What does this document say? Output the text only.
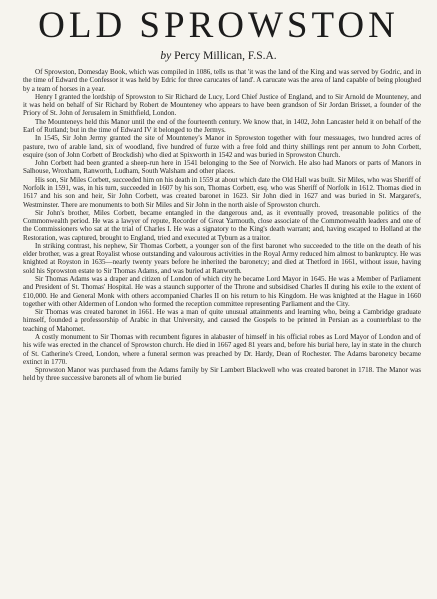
OLD SPROWSTON
by Percy Millican, F.S.A.

Of Sprowston, Domesday Book, which was compiled in 1086, tells us that 'it was the land of the King and was served by Godric, and in the time of Edward the Confessor it was held by Edric for three carucates of land'. A carucate was the area of land capable of being ploughed by a team of horses in a year.

Henry I granted the lordship of Sprowston to Sir Richard de Lucy, Lord Chief Justice of England, and to Sir Arnold de Mounteney, and it was held on behalf of Sir Richard by Robert de Mounteney who appears to have been grandson of Sir Jordan Brisset, a founder of the Priory of St. John of Jerusalem in Smithfield, London.

The Mounteneys held this Manor until the end of the fourteenth century. We know that, in 1402, John Lancaster held it on behalf of the Earl of Rutland; but in the time of Edward IV it belonged to the Jermys.

In 1545, Sir John Jermy granted the site of Mounteney's Manor in Sprowston together with four messuages, two hundred acres of pasture, two of arable land, six of woodland, five hundred of furze with a free fold and thirty shillings rent per annum to John Corbett, esquire (son of John Corbett of Brockdish) who died at Spixworth in 1542 and was buried in Sprowston Church.

John Corbett had been granted a sheep-run here in 1541 belonging to the See of Norwich. He also had Manors or parts of Manors in Salhouse, Wroxham, Ranworth, Ludham, South Walsham and other places.

His son, Sir Miles Corbett, succeeded him on his death in 1559 at about which date the Old Hall was built. Sir Miles, who was Sheriff of Norfolk in 1591, was, in his turn, succeeded in 1607 by his son, Thomas Corbett, esq. who was Sheriff of Norfolk in 1612. Thomas died in 1617 and his son and heir, Sir John Corbett, was created baronet in 1623. Sir John died in 1627 and was buried in St. Margaret's, Westminster. There are monuments to both Sir Miles and Sir John in the north aisle of Sprowston church.

Sir John's brother, Miles Corbett, became entangled in the dangerous and, as it eventually proved, treasonable politics of the Commonwealth period. He was a lawyer of repute, Recorder of Great Yarmouth, close associate of the Commonwealth leaders and one of the Commissioners who sat at the trial of Charles I. He was a signatory to the King's death warrant; and, having escaped to Holland at the Restoration, was captured, brought to England, tried and executed at Tyburn as a traitor.

In striking contrast, his nephew, Sir Thomas Corbett, a younger son of the first baronet who succeeded to the title on the death of his elder brother, was a great Royalist whose outstanding and valourous activities in the Royal Army reduced him almost to bankruptcy. He was knighted at Royston in 1635—nearly twenty years before he inherited the baronetcy; and died at Thetford in 1661, without issue, having sold his Sprowston estate to Sir Thomas Adams, and was buried at Ranworth.

Sir Thomas Adams was a draper and citizen of London of which city he became Lord Mayor in 1645. He was a Member of Parliament and President of St. Thomas' Hospital. He was a staunch supporter of the Throne and subsidised Charles II during his exile to the extent of £10,000. He and General Monk with others accompanied Charles II on his return to his Kingdom. He was knighted at the Hague in 1660 together with other Aldermen of London who formed the reception committee representing Parliament and the City.

Sir Thomas was created baronet in 1661. He was a man of quite unusual attainments and learning who, being a Cambridge graduate himself, founded a professorship of Arabic in that University, and caused the Gospels to be printed in Persian as a counterblast to the teaching of Mahomet.

A costly monument to Sir Thomas with recumbent figures in alabaster of himself in his official robes as Lord Mayor of London and of his wife was erected in the chancel of Sprowston church. He died in 1667 aged 81 years and, before his burial here, lay in state in the church of St. Catherine's Creed, London, where a funeral sermon was preached by Dr. Hardy, Dean of Rochester. The Adams baronetcy became extinct in 1770.

Sprowston Manor was purchased from the Adams family by Sir Lambert Blackwell who was created baronet in 1718. The Manor was held by three successive baronets all of whom lie buried
